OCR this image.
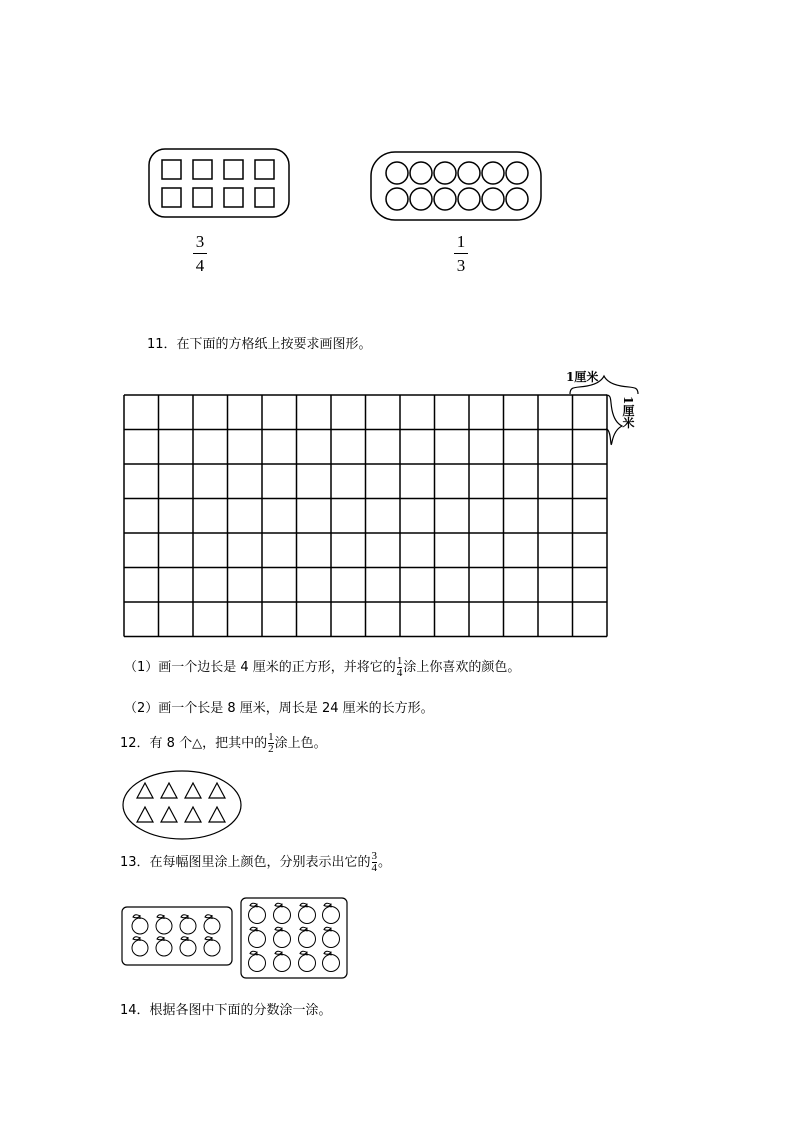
3
4
1
3
11．在下面的方格纸上按要求画图形。
1厘米
1厘米
（1）画一个边长是 4 厘米的正方形，并将它的 $\frac{1}{4}$ 涂上你喜欢的颜色。
（2）画一个长是 8 厘米，周长是 24 厘米的长方形。
12．有 8 个△，把其中的 $\frac{1}{2}$ 涂上色。
13．在每幅图里涂上颜色，分别表示出它的 $\frac{3}{4}$ 。
14．根据各图中下面的分数涂一涂。
